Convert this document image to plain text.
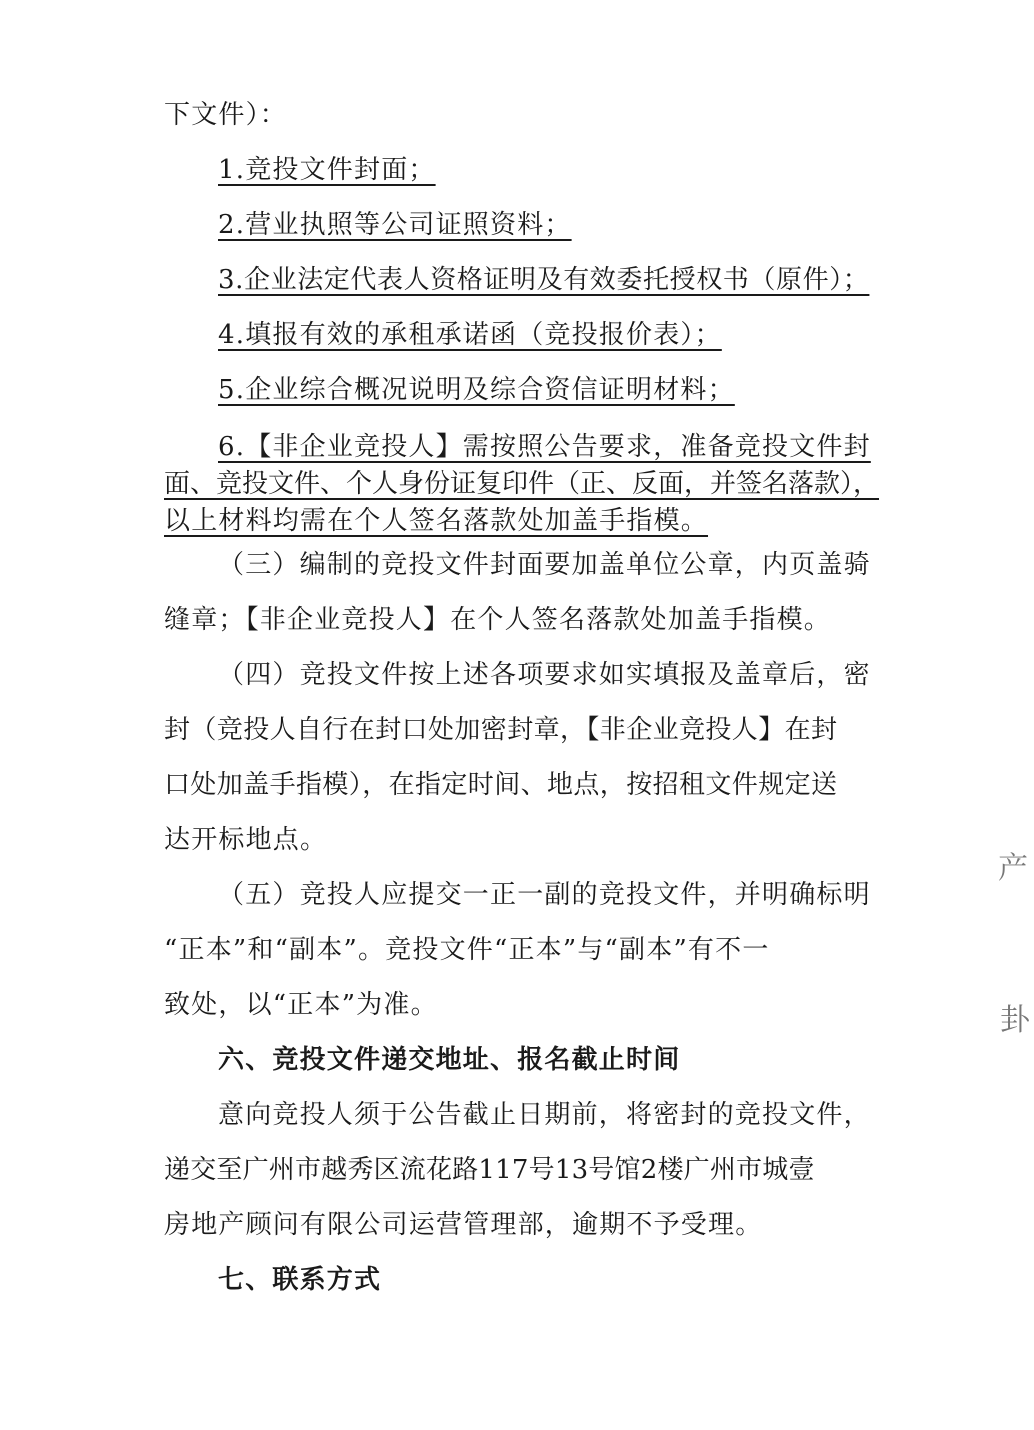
下文件）：
1.竞投文件封面；
2.营业执照等公司证照资料；
3.企业法定代表人资格证明及有效委托授权书（原件）；
4.填报有效的承租承诺函（竞投报价表）；
5.企业综合概况说明及综合资信证明材料；
6.【非企业竞投人】需按照公告要求，准备竞投文件封
面、竞投文件、个人身份证复印件（正、反面，并签名落款），
以上材料均需在个人签名落款处加盖手指模。
（三）编制的竞投文件封面要加盖单位公章，内页盖骑
缝章；【非企业竞投人】在个人签名落款处加盖手指模。
（四）竞投文件按上述各项要求如实填报及盖章后，密
封（竞投人自行在封口处加密封章，【非企业竞投人】在封
口处加盖手指模），在指定时间、地点，按招租文件规定送
达开标地点。
（五）竞投人应提交一正一副的竞投文件，并明确标明
“正本”和“副本”。竞投文件“正本”与“副本”有不一
致处，以“正本”为准。
六、竞投文件递交地址、报名截止时间
意向竞投人须于公告截止日期前，将密封的竞投文件，
递交至广州市越秀区流花路117号13号馆2楼广州市城壹
房地产顾问有限公司运营管理部，逾期不予受理。
七、联系方式
产
卦
